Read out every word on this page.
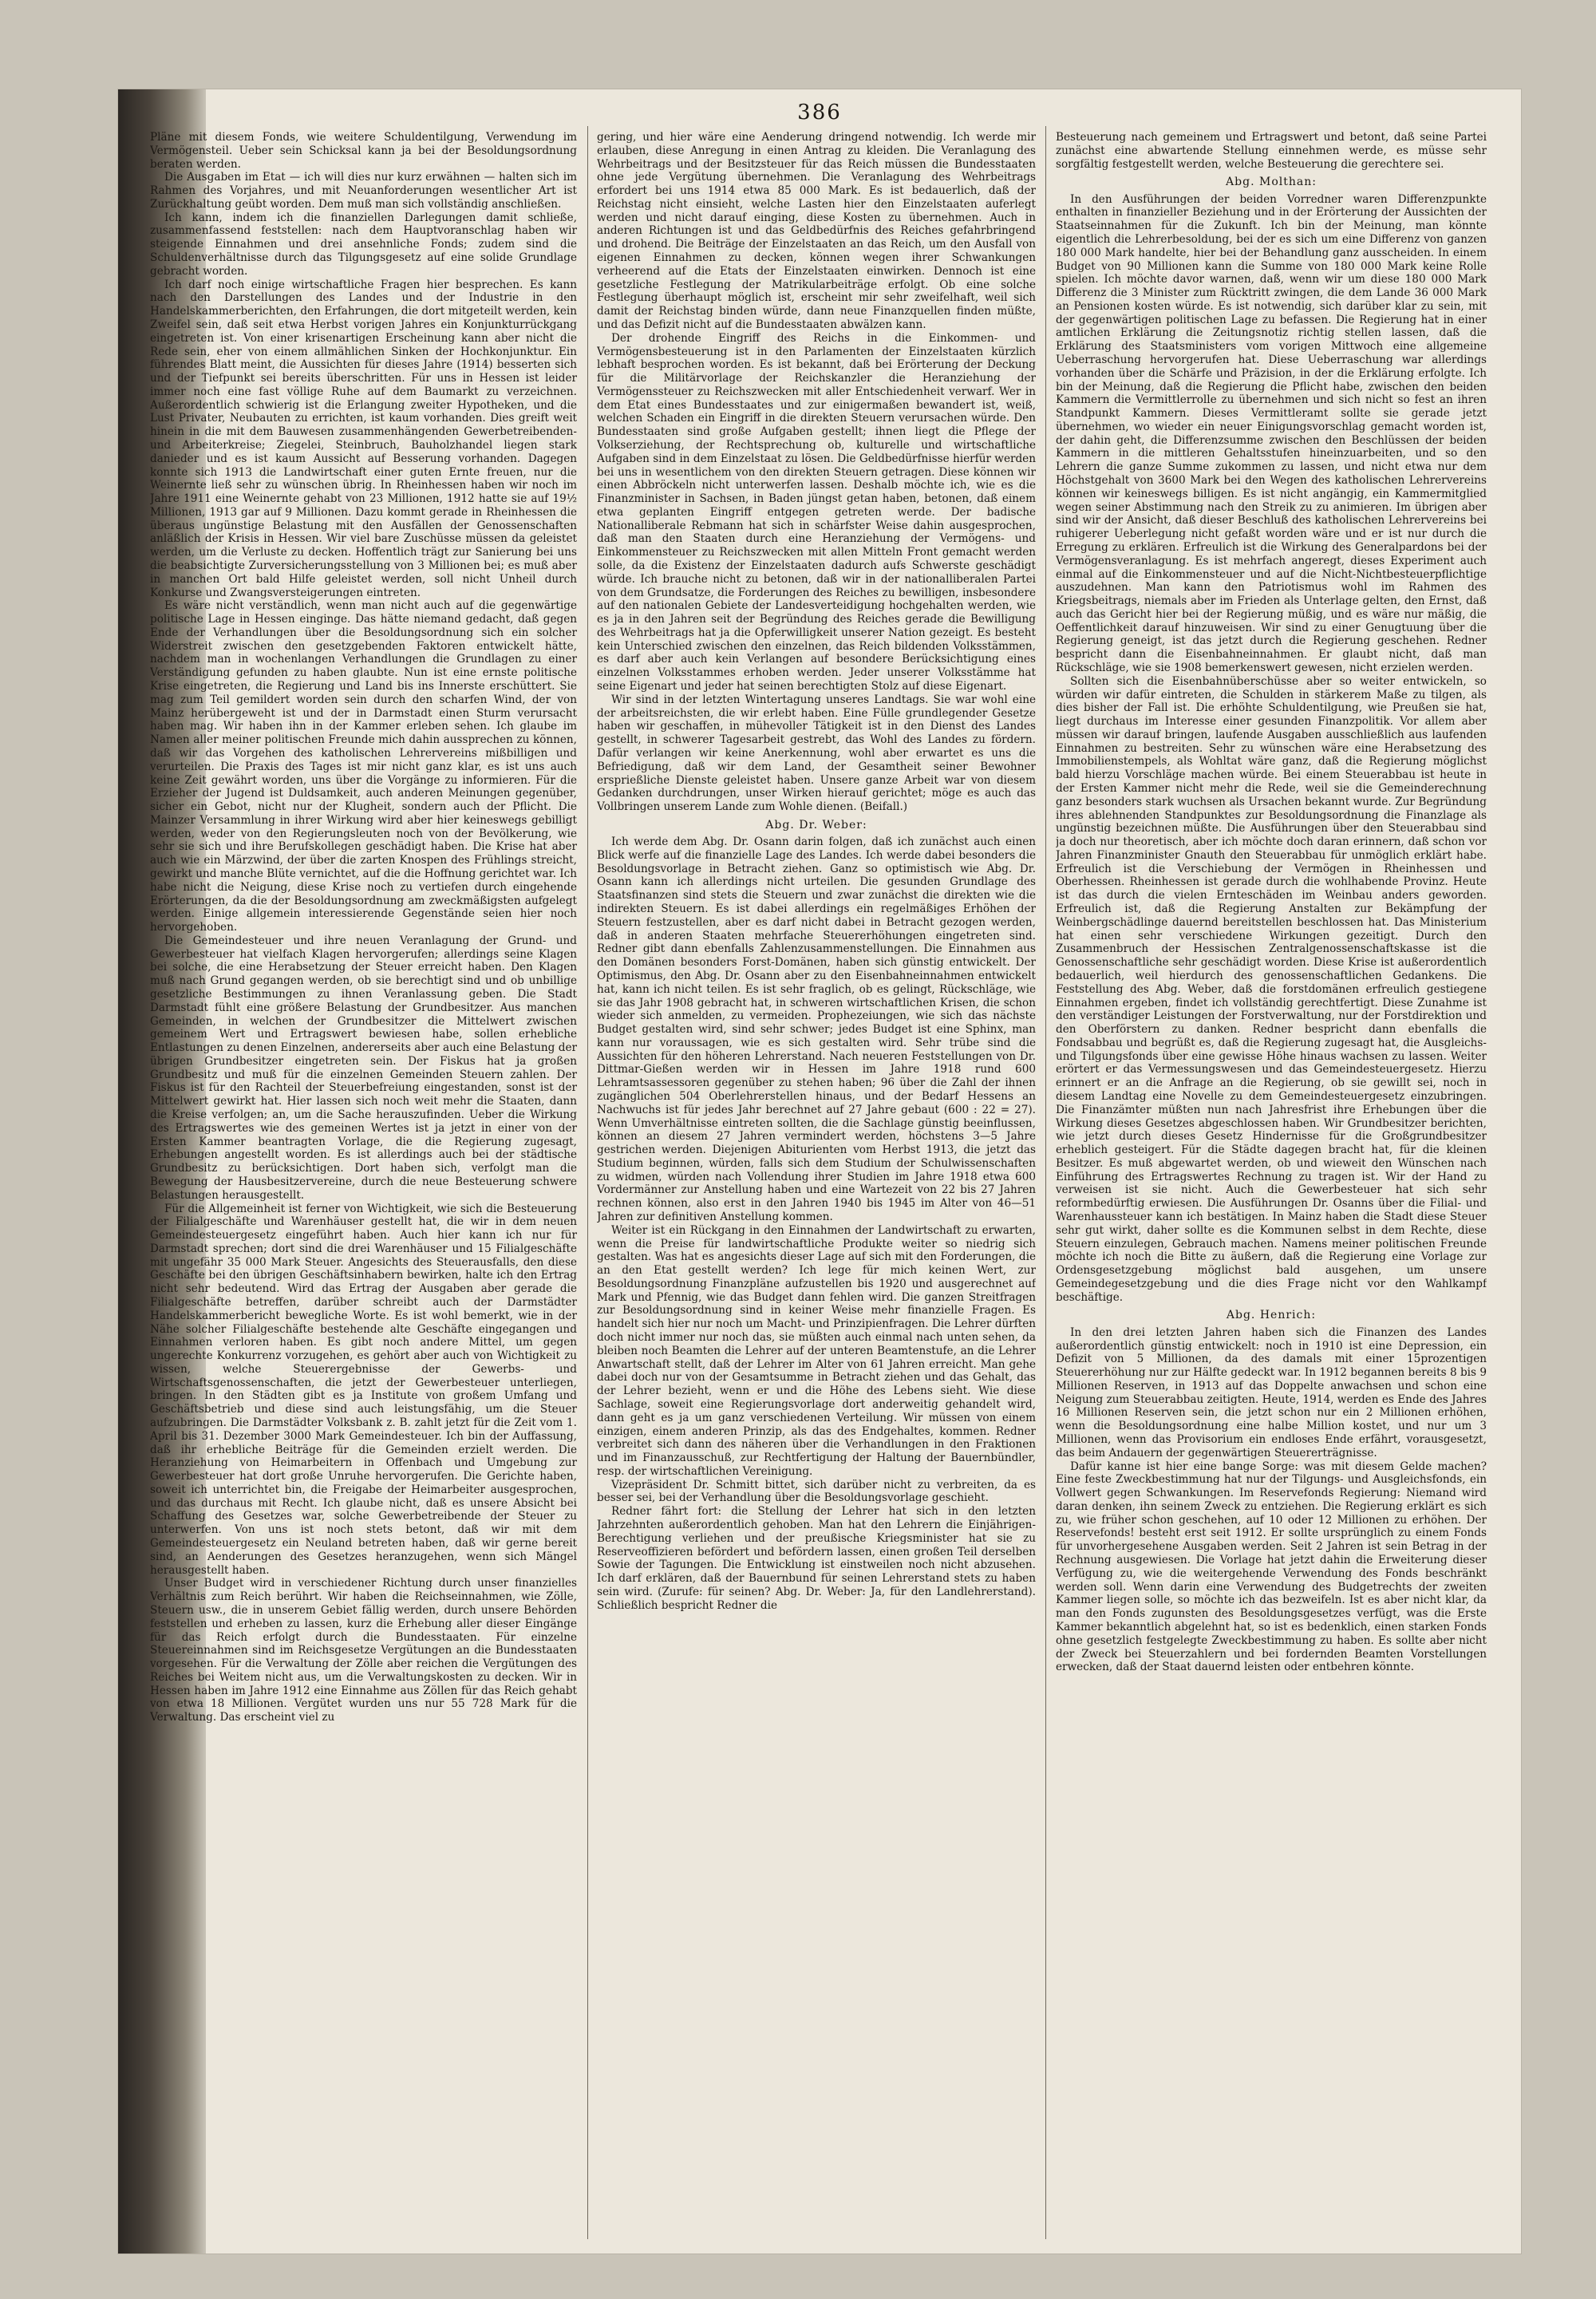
386

Pläne mit diesem Fonds, wie weitere Schuldentilgung, Verwendung im Vermögensteil. Ueber sein Schicksal kann ja bei der Besoldungsordnung beraten werden.

Die Ausgaben im Etat — ich will dies nur kurz erwähnen — halten sich im Rahmen des Vorjahres, und mit Neuanforderungen wesentlicher Art ist Zurückhaltung geübt worden. Dem muß man sich vollständig anschließen.

Ich kann, indem ich die finanziellen Darlegungen damit schließe, zusammenfassend feststellen: nach dem Hauptvoranschlag haben wir steigende Einnahmen und drei ansehnliche Fonds; zudem sind die Schuldenverhältnisse durch das Tilgungsgesetz auf eine solide Grundlage gebracht worden.

Ich darf noch einige wirtschaftliche Fragen hier besprechen. Es kann nach den Darstellungen des Landes und der Industrie in den Handelskammerberichten, den Erfahrungen, die dort mitgeteilt werden, kein Zweifel sein, daß seit etwa Herbst vorigen Jahres ein Konjunkturrückgang eingetreten ist. Von einer krisenartigen Erscheinung kann aber nicht die Rede sein, eher von einem allmählichen Sinken der Hochkonjunktur. Ein führendes Blatt meint, die Aussichten für dieses Jahre (1914) besserten sich und der Tiefpunkt sei bereits überschritten. Für uns in Hessen ist leider immer noch eine fast völlige Ruhe auf dem Baumarkt zu verzeichnen. Außerordentlich schwierig ist die Erlangung zweiter Hypotheken, und die Lust Privater, Neubauten zu errichten, ist kaum vorhanden. Dies greift weit hinein in die mit dem Bauwesen zusammenhängenden Gewerbetreibenden- und Arbeiterkreise; Ziegelei, Steinbruch, Bauholzhandel liegen stark danieder und es ist kaum Aussicht auf Besserung vorhanden. Dagegen konnte sich 1913 die Landwirtschaft einer guten Ernte freuen, nur die Weinernte ließ sehr zu wünschen übrig. In Rheinhessen haben wir noch im Jahre 1911 eine Weinernte gehabt von 23 Millionen, 1912 hatte sie auf 19½ Millionen, 1913 gar auf 9 Millionen. Dazu kommt gerade in Rheinhessen die überaus ungünstige Belastung mit den Ausfällen der Genossenschaften anläßlich der Krisis in Hessen. Wir viel bare Zuschüsse müssen da geleistet werden, um die Verluste zu decken. Hoffentlich trägt zur Sanierung bei uns die beabsichtigte Zurversicherungsstellung von 3 Millionen bei; es muß aber in manchen Ort bald Hilfe geleistet werden, soll nicht Unheil durch Konkurse und Zwangsversteigerungen eintreten.

Es wäre nicht verständlich, wenn man nicht auch auf die gegenwärtige politische Lage in Hessen einginge. Das hätte niemand gedacht, daß gegen Ende der Verhandlungen über die Besoldungsordnung sich ein solcher Widerstreit zwischen den gesetzgebenden Faktoren entwickelt hätte, nachdem man in wochenlangen Verhandlungen die Grundlagen zu einer Verständigung gefunden zu haben glaubte. Nun ist eine ernste politische Krise eingetreten, die Regierung und Land bis ins Innerste erschüttert. Sie mag zum Teil gemildert worden sein durch den scharfen Wind, der von Mainz herübergeweht ist und der in Darmstadt einen Sturm verursacht haben mag. Wir haben ihn in der Kammer erleben sehen. Ich glaube im Namen aller meiner politischen Freunde mich dahin aussprechen zu können, daß wir das Vorgehen des katholischen Lehrervereins mißbilligen und verurteilen. Die Praxis des Tages ist mir nicht ganz klar, es ist uns auch keine Zeit gewährt worden, uns über die Vorgänge zu informieren. Für die Erzieher der Jugend ist Duldsamkeit, auch anderen Meinungen gegenüber, sicher ein Gebot, nicht nur der Klugheit, sondern auch der Pflicht. Die Mainzer Versammlung in ihrer Wirkung wird aber hier keineswegs gebilligt werden, weder von den Regierungsleuten noch von der Bevölkerung, wie sehr sie sich und ihre Berufskollegen geschädigt haben. Die Krise hat aber auch wie ein Märzwind, der über die zarten Knospen des Frühlings streicht, gewirkt und manche Blüte vernichtet, auf die die Hoffnung gerichtet war. Ich habe nicht die Neigung, diese Krise noch zu vertiefen durch eingehende Erörterungen, da die der Besoldungsordnung am zweckmäßigsten aufgelegt werden. Einige allgemein interessierende Gegenstände seien hier noch hervorgehoben.

Die Gemeindesteuer und ihre neuen Veranlagung der Grund- und Gewerbesteuer hat vielfach Klagen hervorgerufen; allerdings seine Klagen bei solche, die eine Herabsetzung der Steuer erreicht haben. Den Klagen muß nach Grund gegangen werden, ob sie berechtigt sind und ob unbillige gesetzliche Bestimmungen zu ihnen Veranlassung geben. Die Stadt Darmstadt fühlt eine größere Belastung der Grundbesitzer. Aus manchen Gemeinden, in welchen der Grundbesitzer die Mittelwert zwischen gemeinem Wert und Ertragswert bewiesen habe, sollen erhebliche Entlastungen zu denen Einzelnen, andererseits aber auch eine Belastung der übrigen Grundbesitzer eingetreten sein. Der Fiskus hat ja großen Grundbesitz und muß für die einzelnen Gemeinden Steuern zahlen. Der Fiskus ist für den Rachteil der Steuerbefreiung eingestanden, sonst ist der Mittelwert gewirkt hat. Hier lassen sich noch weit mehr die Staaten, dann die Kreise verfolgen; an, um die Sache herauszufinden. Ueber die Wirkung des Ertragswertes wie des gemeinen Wertes ist ja jetzt in einer von der Ersten Kammer beantragten Vorlage, die die Regierung zugesagt, Erhebungen angestellt worden. Es ist allerdings auch bei der städtische Grundbesitz zu berücksichtigen. Dort haben sich, verfolgt man die Bewegung der Hausbesitzervereine, durch die neue Besteuerung schwere Belastungen herausgestellt.

Für die Allgemeinheit ist ferner von Wichtigkeit, wie sich die Besteuerung der Filialgeschäfte und Warenhäuser gestellt hat, die wir in dem neuen Gemeindesteuergesetz eingeführt haben. Auch hier kann ich nur für Darmstadt sprechen; dort sind die drei Warenhäuser und 15 Filialgeschäfte mit ungefähr 35 000 Mark Steuer. Angesichts des Steuerausfalls, den diese Geschäfte bei den übrigen Geschäftsinhabern bewirken, halte ich den Ertrag nicht sehr bedeutend. Wird das Ertrag der Ausgaben aber gerade die Filialgeschäfte betreffen, darüber schreibt auch der Darmstädter Handelskammerbericht bewegliche Worte. Es ist wohl bemerkt, wie in der Nähe solcher Filialgeschäfte bestehende alte Geschäfte eingegangen und Einnahmen verloren haben. Es gibt noch andere Mittel, um gegen ungerechte Konkurrenz vorzugehen, es gehört aber auch von Wichtigkeit zu wissen, welche Steuerergebnisse der Gewerbs- und Wirtschaftsgenossenschaften, die jetzt der Gewerbesteuer unterliegen, bringen. In den Städten gibt es ja Institute von großem Umfang und Geschäftsbetrieb und diese sind auch leistungsfähig, um die Steuer aufzubringen. Die Darmstädter Volksbank z. B. zahlt jetzt für die Zeit vom 1. April bis 31. Dezember 3000 Mark Gemeindesteuer. Ich bin der Auffassung, daß ihr erhebliche Beiträge für die Gemeinden erzielt werden. Die Heranziehung von Heimarbeitern in Offenbach und Umgebung zur Gewerbesteuer hat dort große Unruhe hervorgerufen. Die Gerichte haben, soweit ich unterrichtet bin, die Freigabe der Heimarbeiter ausgesprochen, und das durchaus mit Recht. Ich glaube nicht, daß es unsere Absicht bei Schaffung des Gesetzes war, solche Gewerbetreibende der Steuer zu unterwerfen. Von uns ist noch stets betont, daß wir mit dem Gemeindesteuergesetz ein Neuland betreten haben, daß wir gerne bereit sind, an Aenderungen des Gesetzes heranzugehen, wenn sich Mängel herausgestellt haben.

Unser Budget wird in verschiedener Richtung durch unser finanzielles Verhältnis zum Reich berührt. Wir haben die Reichseinnahmen, wie Zölle, Steuern usw., die in unserem Gebiet fällig werden, durch unsere Behörden feststellen und erheben zu lassen, kurz die Erhebung aller dieser Eingänge für das Reich erfolgt durch die Bundesstaaten. Für einzelne Steuereinnahmen sind im Reichsgesetze Vergütungen an die Bundesstaaten vorgesehen. Für die Verwaltung der Zölle aber reichen die Vergütungen des Reiches bei Weitem nicht aus, um die Verwaltungskosten zu decken. Wir in Hessen haben im Jahre 1912 eine Einnahme aus Zöllen für das Reich gehabt von etwa 18 Millionen. Vergütet wurden uns nur 55 728 Mark für die Verwaltung. Das erscheint viel zu

gering, und hier wäre eine Aenderung dringend notwendig. Ich werde mir erlauben, diese Anregung in einen Antrag zu kleiden. Die Veranlagung des Wehrbeitrags und der Besitzsteuer für das Reich müssen die Bundesstaaten ohne jede Vergütung übernehmen. Die Veranlagung des Wehrbeitrags erfordert bei uns 1914 etwa 85 000 Mark. Es ist bedauerlich, daß der Reichstag nicht einsieht, welche Lasten hier den Einzelstaaten auferlegt werden und nicht darauf einging, diese Kosten zu übernehmen. Auch in anderen Richtungen ist und das Geldbedürfnis des Reiches gefahrbringend und drohend. Die Beiträge der Einzelstaaten an das Reich, um den Ausfall von eigenen Einnahmen zu decken, können wegen ihrer Schwankungen verheerend auf die Etats der Einzelstaaten einwirken. Dennoch ist eine gesetzliche Festlegung der Matrikularbeiträge erfolgt. Ob eine solche Festlegung überhaupt möglich ist, erscheint mir sehr zweifelhaft, weil sich damit der Reichstag binden würde, dann neue Finanzquellen finden müßte, und das Defizit nicht auf die Bundesstaaten abwälzen kann.

Der drohende Eingriff des Reichs in die Einkommen- und Vermögensbesteuerung ist in den Parlamenten der Einzelstaaten kürzlich lebhaft besprochen worden. Es ist bekannt, daß bei Erörterung der Deckung für die Militärvorlage der Reichskanzler die Heranziehung der Vermögenssteuer zu Reichszwecken mit aller Entschiedenheit verwarf. Wer in dem Etat eines Bundesstaates und zur einigermaßen bewandert ist, weiß, welchen Schaden ein Eingriff in die direkten Steuern verursachen würde. Den Bundesstaaten sind große Aufgaben gestellt; ihnen liegt die Pflege der Volkserziehung, der Rechtsprechung ob, kulturelle und wirtschaftliche Aufgaben sind in dem Einzelstaat zu lösen. Die Geldbedürfnisse hierfür werden bei uns in wesentlichem von den direkten Steuern getragen. Diese können wir einen Abbröckeln nicht unterwerfen lassen. Deshalb möchte ich, wie es die Finanzminister in Sachsen, in Baden jüngst getan haben, betonen, daß einem etwa geplanten Eingriff entgegen getreten werde. Der badische Nationalliberale Rebmann hat sich in schärfster Weise dahin ausgesprochen, daß man den Staaten durch eine Heranziehung der Vermögens- und Einkommensteuer zu Reichszwecken mit allen Mitteln Front gemacht werden solle, da die Existenz der Einzelstaaten dadurch aufs Schwerste geschädigt würde. Ich brauche nicht zu betonen, daß wir in der nationalliberalen Partei von dem Grundsatze, die Forderungen des Reiches zu bewilligen, insbesondere auf den nationalen Gebiete der Landesverteidigung hochgehalten werden, wie es ja in den Jahren seit der Begründung des Reiches gerade die Bewilligung des Wehrbeitrags hat ja die Opferwilligkeit unserer Nation gezeigt. Es besteht kein Unterschied zwischen den einzelnen, das Reich bildenden Volksstämmen, es darf aber auch kein Verlangen auf besondere Berücksichtigung eines einzelnen Volksstammes erhoben werden. Jeder unserer Volksstämme hat seine Eigenart und jeder hat seinen berechtigten Stolz auf diese Eigenart.

Wir sind in der letzten Wintertagung unseres Landtags. Sie war wohl eine der arbeitsreichsten, die wir erlebt haben. Eine Fülle grundlegender Gesetze haben wir geschaffen, in mühevoller Tätigkeit ist in den Dienst des Landes gestellt, in schwerer Tagesarbeit gestrebt, das Wohl des Landes zu fördern. Dafür verlangen wir keine Anerkennung, wohl aber erwartet es uns die Befriedigung, daß wir dem Land, der Gesamtheit seiner Bewohner ersprießliche Dienste geleistet haben. Unsere ganze Arbeit war von diesem Gedanken durchdrungen, unser Wirken hierauf gerichtet; möge es auch das Vollbringen unserem Lande zum Wohle dienen. (Beifall.)

Abg. Dr. Weber:

Ich werde dem Abg. Dr. Osann darin folgen, daß ich zunächst auch einen Blick werfe auf die finanzielle Lage des Landes. Ich werde dabei besonders die Besoldungsvorlage in Betracht ziehen. Ganz so optimistisch wie Abg. Dr. Osann kann ich allerdings nicht urteilen. Die gesunden Grundlage des Staatsfinanzen sind stets die Steuern und zwar zunächst die direkten wie die indirekten Steuern. Es ist dabei allerdings ein regelmäßiges Erhöhen der Steuern festzustellen, aber es darf nicht dabei in Betracht gezogen werden, daß in anderen Staaten mehrfache Steuererhöhungen eingetreten sind. Redner gibt dann ebenfalls Zahlenzusammenstellungen. Die Einnahmen aus den Domänen besonders Forst-Domänen, haben sich günstig entwickelt. Der Optimismus, den Abg. Dr. Osann aber zu den Eisenbahneinnahmen entwickelt hat, kann ich nicht teilen. Es ist sehr fraglich, ob es gelingt, Rückschläge, wie sie das Jahr 1908 gebracht hat, in schweren wirtschaftlichen Krisen, die schon wieder sich anmelden, zu vermeiden. Prophezeiungen, wie sich das nächste Budget gestalten wird, sind sehr schwer; jedes Budget ist eine Sphinx, man kann nur voraussagen, wie es sich gestalten wird. Sehr trübe sind die Aussichten für den höheren Lehrerstand. Nach neueren Feststellungen von Dr. Dittmar-Gießen werden wir in Hessen im Jahre 1918 rund 600 Lehramtsassessoren gegenüber zu stehen haben; 96 über die Zahl der ihnen zugänglichen 504 Oberlehrerstellen hinaus, und der Bedarf Hessens an Nachwuchs ist für jedes Jahr berechnet auf 27 Jahre gebaut (600 : 22 = 27). Wenn Umverhältnisse eintreten sollten, die die Sachlage günstig beeinflussen, können an diesem 27 Jahren vermindert werden, höchstens 3—5 Jahre gestrichen werden. Diejenigen Abiturienten vom Herbst 1913, die jetzt das Studium beginnen, würden, falls sich dem Studium der Schulwissenschaften zu widmen, würden nach Vollendung ihrer Studien im Jahre 1918 etwa 600 Vordermänner zur Anstellung haben und eine Wartezeit von 22 bis 27 Jahren rechnen können, also erst in den Jahren 1940 bis 1945 im Alter von 46—51 Jahren zur definitiven Anstellung kommen.

Weiter ist ein Rückgang in den Einnahmen der Landwirtschaft zu erwarten, wenn die Preise für landwirtschaftliche Produkte weiter so niedrig sich gestalten. Was hat es angesichts dieser Lage auf sich mit den Forderungen, die an den Etat gestellt werden? Ich lege für mich keinen Wert, zur Besoldungsordnung Finanzpläne aufzustellen bis 1920 und ausgerechnet auf Mark und Pfennig, wie das Budget dann fehlen wird. Die ganzen Streitfragen zur Besoldungsordnung sind in keiner Weise mehr finanzielle Fragen. Es handelt sich hier nur noch um Macht- und Prinzipienfragen. Die Lehrer dürften doch nicht immer nur noch das, sie müßten auch einmal nach unten sehen, da bleiben noch Beamten die Lehrer auf der unteren Beamtenstufe, an die Lehrer Anwartschaft stellt, daß der Lehrer im Alter von 61 Jahren erreicht. Man gehe dabei doch nur von der Gesamtsumme in Betracht ziehen und das Gehalt, das der Lehrer bezieht, wenn er und die Höhe des Lebens sieht. Wie diese Sachlage, soweit eine Regierungsvorlage dort anderweitig gehandelt wird, dann geht es ja um ganz verschiedenen Verteilung. Wir müssen von einem einzigen, einem anderen Prinzip, als das des Endgehaltes, kommen. Redner verbreitet sich dann des näheren über die Verhandlungen in den Fraktionen und im Finanzausschuß, zur Rechtfertigung der Haltung der Bauernbündler, resp. der wirtschaftlichen Vereinigung.

Vizepräsident Dr. Schmitt bittet, sich darüber nicht zu verbreiten, da es besser sei, bei der Verhandlung über die Besoldungsvorlage geschieht.

Redner fährt fort: die Stellung der Lehrer hat sich in den letzten Jahrzehnten außerordentlich gehoben. Man hat den Lehrern die Einjährigen-Berechtigung verliehen und der preußische Kriegsminister hat sie zu Reserveoffizieren befördert und befördern lassen, einen großen Teil derselben Sowie der Tagungen. Die Entwicklung ist einstweilen noch nicht abzusehen. Ich darf erklären, daß der Bauernbund für seinen Lehrerstand stets zu haben sein wird. (Zurufe: für seinen? Abg. Dr. Weber: Ja, für den Landlehrerstand). Schließlich bespricht Redner die

Besteuerung nach gemeinem und Ertragswert und betont, daß seine Partei zunächst eine abwartende Stellung einnehmen werde, es müsse sehr sorgfältig festgestellt werden, welche Besteuerung die gerechtere sei.

Abg. Molthan:

In den Ausführungen der beiden Vorredner waren Differenzpunkte enthalten in finanzieller Beziehung und in der Erörterung der Aussichten der Staatseinnahmen für die Zukunft. Ich bin der Meinung, man könnte eigentlich die Lehrerbesoldung, bei der es sich um eine Differenz von ganzen 180 000 Mark handelte, hier bei der Behandlung ganz ausscheiden. In einem Budget von 90 Millionen kann die Summe von 180 000 Mark keine Rolle spielen. Ich möchte davor warnen, daß, wenn wir um diese 180 000 Mark Differenz die 3 Minister zum Rücktritt zwingen, die dem Lande 36 000 Mark an Pensionen kosten würde. Es ist notwendig, sich darüber klar zu sein, mit der gegenwärtigen politischen Lage zu befassen. Die Regierung hat in einer amtlichen Erklärung die Zeitungsnotiz richtig stellen lassen, daß die Erklärung des Staatsministers vom vorigen Mittwoch eine allgemeine Ueberraschung hervorgerufen hat. Diese Ueberraschung war allerdings vorhanden über die Schärfe und Präzision, in der die Erklärung erfolgte. Ich bin der Meinung, daß die Regierung die Pflicht habe, zwischen den beiden Kammern die Vermittlerrolle zu übernehmen und sich nicht so fest an ihren Standpunkt Kammern. Dieses Vermittleramt sollte sie gerade jetzt übernehmen, wo wieder ein neuer Einigungsvorschlag gemacht worden ist, der dahin geht, die Differenzsumme zwischen den Beschlüssen der beiden Kammern in die mittleren Gehaltsstufen hineinzuarbeiten, und so den Lehrern die ganze Summe zukommen zu lassen, und nicht etwa nur dem Höchstgehalt von 3600 Mark bei den Wegen des katholischen Lehrervereins können wir keineswegs billigen. Es ist nicht angängig, ein Kammermitglied wegen seiner Abstimmung nach den Streik zu zu animieren. Im übrigen aber sind wir der Ansicht, daß dieser Beschluß des katholischen Lehrervereins bei ruhigerer Ueberlegung nicht gefaßt worden wäre und er ist nur durch die Erregung zu erklären. Erfreulich ist die Wirkung des Generalpardons bei der Vermögensveranlagung. Es ist mehrfach angeregt, dieses Experiment auch einmal auf die Einkommensteuer und auf die Nicht-Nichtbesteuerpflichtige auszudehnen. Man kann den Patriotismus wohl im Rahmen des Kriegsbeitrags, niemals aber im Frieden als Unterlage gelten, den Ernst, daß auch das Gericht hier bei der Regierung müßig, und es wäre nur mäßig, die Oeffentlichkeit darauf hinzuweisen. Wir sind zu einer Genugtuung über die Regierung geneigt, ist das jetzt durch die Regierung geschehen. Redner bespricht dann die Eisenbahneinnahmen. Er glaubt nicht, daß man Rückschläge, wie sie 1908 bemerkenswert gewesen, nicht erzielen werden.

Sollten sich die Eisenbahnüberschüsse aber so weiter entwickeln, so würden wir dafür eintreten, die Schulden in stärkerem Maße zu tilgen, als dies bisher der Fall ist. Die erhöhte Schuldentilgung, wie Preußen sie hat, liegt durchaus im Interesse einer gesunden Finanzpolitik. Vor allem aber müssen wir darauf bringen, laufende Ausgaben ausschließlich aus laufenden Einnahmen zu bestreiten. Sehr zu wünschen wäre eine Herabsetzung des Immobilienstempels, als Wohltat wäre ganz, daß die Regierung möglichst bald hierzu Vorschläge machen würde. Bei einem Steuerabbau ist heute in der Ersten Kammer nicht mehr die Rede, weil sie die Gemeinderechnung ganz besonders stark wuchsen als Ursachen bekannt wurde. Zur Begründung ihres ablehnenden Standpunktes zur Besoldungsordnung die Finanzlage als ungünstig bezeichnen müßte. Die Ausführungen über den Steuerabbau sind ja doch nur theoretisch, aber ich möchte doch daran erinnern, daß schon vor Jahren Finanzminister Gnauth den Steuerabbau für unmöglich erklärt habe. Erfreulich ist die Verschiebung der Vermögen in Rheinhessen und Oberhessen. Rheinhessen ist gerade durch die wohlhabende Provinz. Heute ist das durch die vielen Ernteschäden im Weinbau anders geworden. Erfreulich ist, daß die Regierung Anstalten zur Bekämpfung der Weinbergschädlinge dauernd bereitstellen beschlossen hat. Das Ministerium hat einen sehr verschiedene Wirkungen gezeitigt. Durch den Zusammenbruch der Hessischen Zentralgenossenschaftskasse ist die Genossenschaftliche sehr geschädigt worden. Diese Krise ist außerordentlich bedauerlich, weil hierdurch des genossenschaftlichen Gedankens. Die Feststellung des Abg. Weber, daß die forstdomänen erfreulich gestiegene Einnahmen ergeben, findet ich vollständig gerechtfertigt. Diese Zunahme ist den verständiger Leistungen der Forstverwaltung, nur der Forstdirektion und den Oberförstern zu danken. Redner bespricht dann ebenfalls die Fondsabbau und begrüßt es, daß die Regierung zugesagt hat, die Ausgleichs- und Tilgungsfonds über eine gewisse Höhe hinaus wachsen zu lassen. Weiter erörtert er das Vermessungswesen und das Gemeindesteuergesetz. Hierzu erinnert er an die Anfrage an die Regierung, ob sie gewillt sei, noch in diesem Landtag eine Novelle zu dem Gemeindesteuergesetz einzubringen. Die Finanzämter müßten nun nach Jahresfrist ihre Erhebungen über die Wirkung dieses Gesetzes abgeschlossen haben. Wir Grundbesitzer berichten, wie jetzt durch dieses Gesetz Hindernisse für die Großgrundbesitzer erheblich gesteigert. Für die Städte dagegen bracht hat, für die kleinen Besitzer. Es muß abgewartet werden, ob und wieweit den Wünschen nach Einführung des Ertragswertes Rechnung zu tragen ist. Wir der Hand zu verweisen ist sie nicht. Auch die Gewerbesteuer hat sich sehr reformbedürftig erwiesen. Die Ausführungen Dr. Osanns über die Filial- und Warenhaussteuer kann ich bestätigen. In Mainz haben die Stadt diese Steuer sehr gut wirkt, daher sollte es die Kommunen selbst in dem Rechte, diese Steuern einzulegen, Gebrauch machen. Namens meiner politischen Freunde möchte ich noch die Bitte zu äußern, daß die Regierung eine Vorlage zur Ordensgesetzgebung möglichst bald ausgehen, um unsere Gemeindegesetzgebung und die dies Frage nicht vor den Wahlkampf beschäftige.

Abg. Henrich:

In den drei letzten Jahren haben sich die Finanzen des Landes außerordentlich günstig entwickelt: noch in 1910 ist eine Depression, ein Defizit von 5 Millionen, da des damals mit einer 15prozentigen Steuererhöhung nur zur Hälfte gedeckt war. In 1912 begannen bereits 8 bis 9 Millionen Reserven, in 1913 auf das Doppelte anwachsen und schon eine Neigung zum Steuerabbau zeitigten. Heute, 1914, werden es Ende des Jahres 16 Millionen Reserven sein, die jetzt schon nur ein 2 Millionen erhöhen, wenn die Besoldungsordnung eine halbe Million kostet, und nur um 3 Millionen, wenn das Provisorium ein endloses Ende erfährt, vorausgesetzt, das beim Andauern der gegenwärtigen Steuererträgnisse.

Dafür kanne ist hier eine bange Sorge: was mit diesem Gelde machen? Eine feste Zweckbestimmung hat nur der Tilgungs- und Ausgleichsfonds, ein Vollwert gegen Schwankungen. Im Reservefonds Regierung: Niemand wird daran denken, ihn seinem Zweck zu entziehen. Die Regierung erklärt es sich zu, wie früher schon geschehen, auf 10 oder 12 Millionen zu erhöhen. Der Reservefonds! besteht erst seit 1912. Er sollte ursprünglich zu einem Fonds für unvorhergesehene Ausgaben werden. Seit 2 Jahren ist sein Betrag in der Rechnung ausgewiesen. Die Vorlage hat jetzt dahin die Erweiterung dieser Verfügung zu, wie die weitergehende Verwendung des Fonds beschränkt werden soll. Wenn darin eine Verwendung des Budgetrechts der zweiten Kammer liegen solle, so möchte ich das bezweifeln. Ist es aber nicht klar, da man den Fonds zugunsten des Besoldungsgesetzes verfügt, was die Erste Kammer bekanntlich abgelehnt hat, so ist es bedenklich, einen starken Fonds ohne gesetzlich festgelegte Zweckbestimmung zu haben. Es sollte aber nicht der Zweck bei Steuerzahlern und bei fordernden Beamten Vorstellungen erwecken, daß der Staat dauernd leisten oder entbehren könnte.
